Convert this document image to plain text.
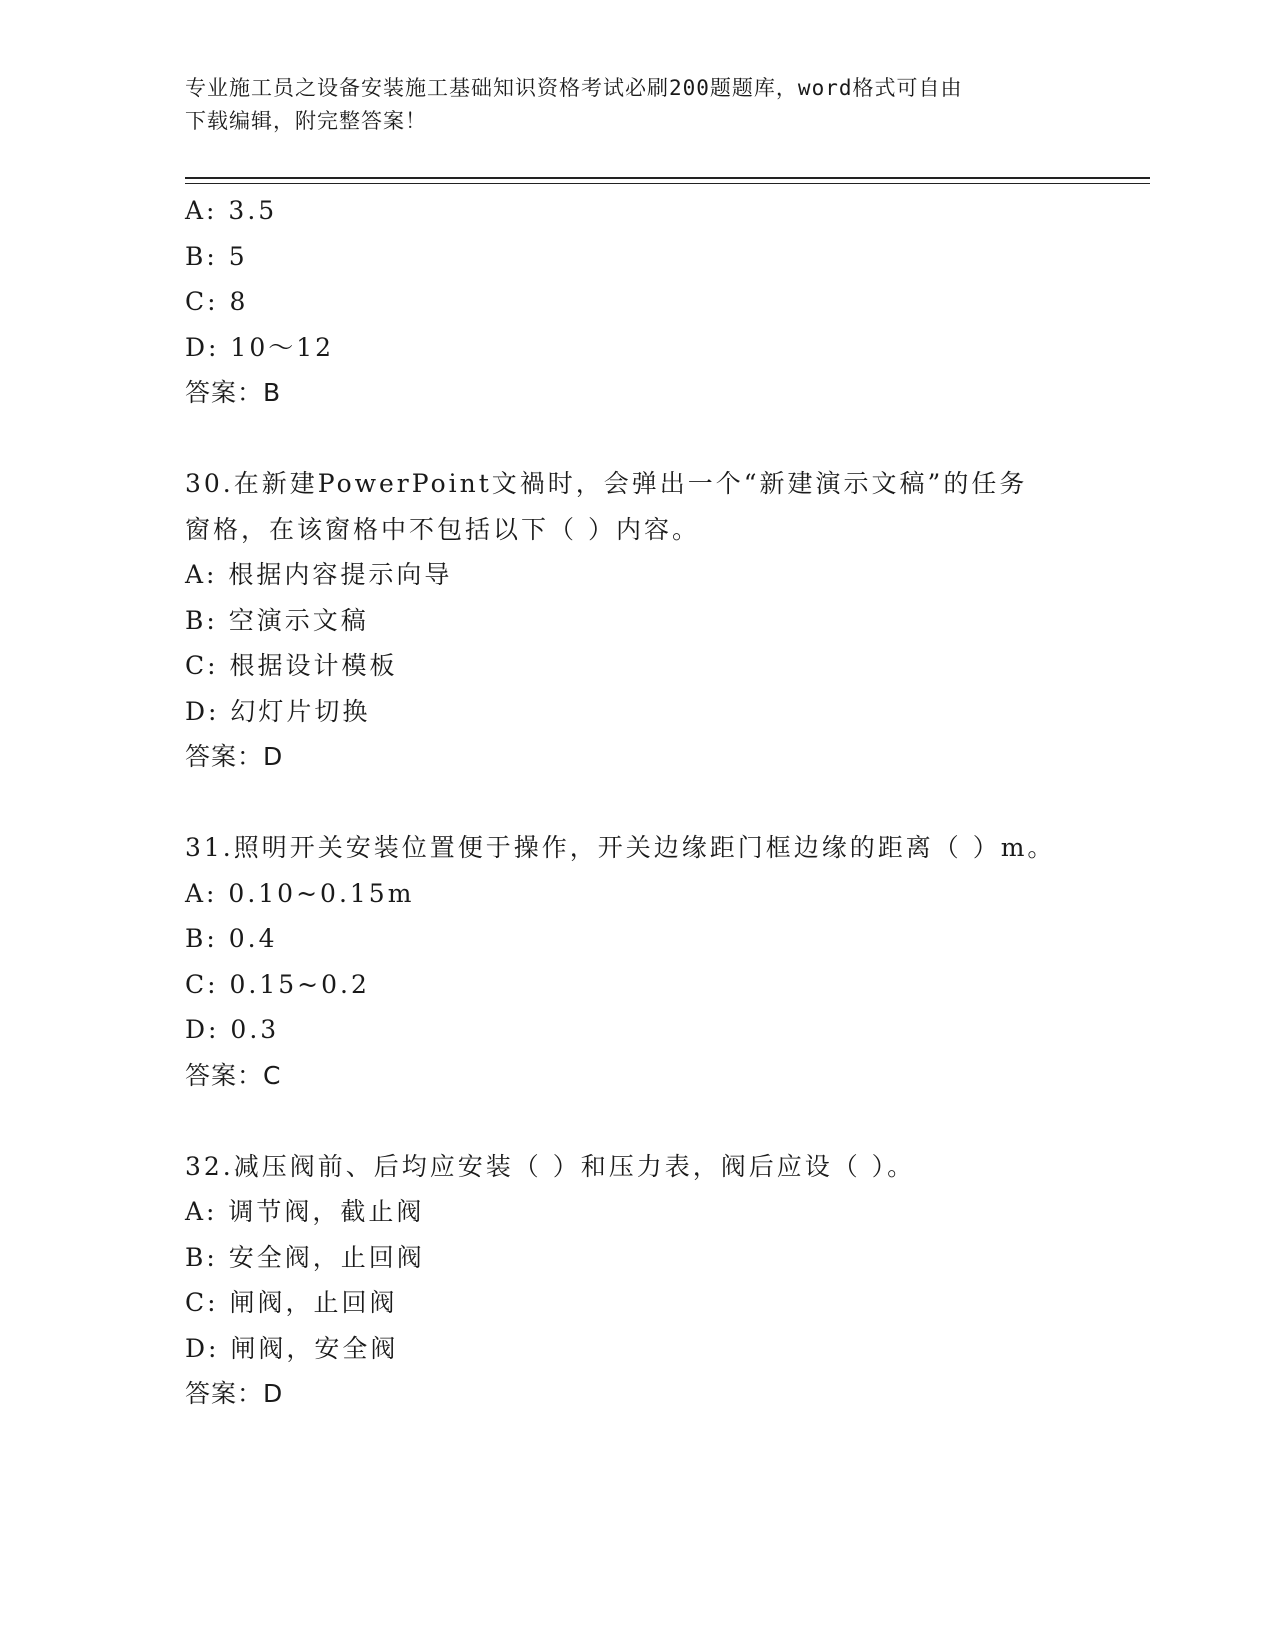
专业施工员之设备安装施工基础知识资格考试必刷200题题库，word格式可自由
下载编辑，附完整答案！
A: 3.5
B: 5
C: 8
D: 10～12
答案：B
30.在新建PowerPoint文禍时，会弹出一个“新建演示文稿”的任务
窗格，在该窗格中不包括以下（ ）内容。
A: 根据内容提示向导
B: 空演示文稿
C: 根据设计模板
D: 幻灯片切换
答案：D
31.照明开关安装位置便于操作，开关边缘距门框边缘的距离（ ）m。
A: 0.10~0.15m
B: 0.4
C: 0.15~0.2
D: 0.3
答案：C
32.减压阀前、后均应安装（ ）和压力表，阀后应设（ ）。
A: 调节阀，截止阀
B: 安全阀，止回阀
C: 闸阀，止回阀
D: 闸阀，安全阀
答案：D
